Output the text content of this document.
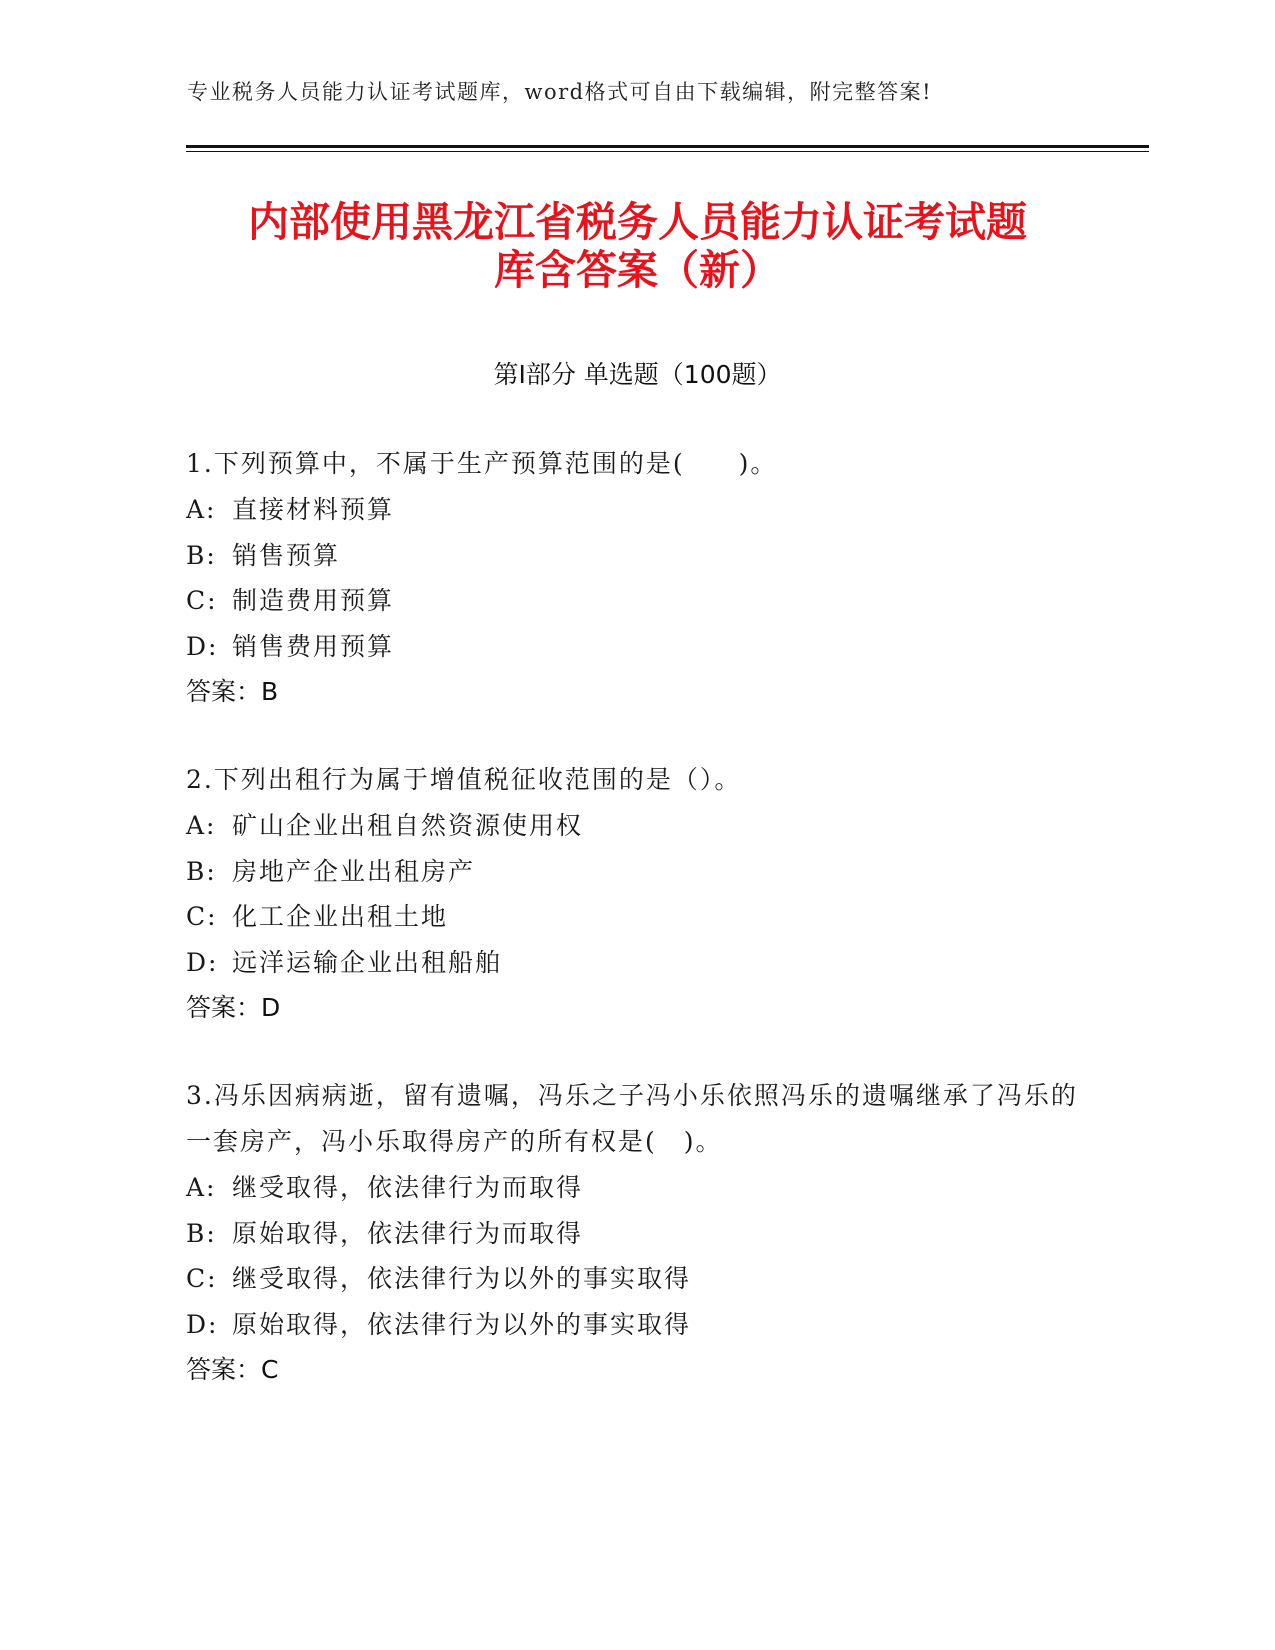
专业税务人员能力认证考试题库，word格式可自由下载编辑，附完整答案!
内部使用黑龙江省税务人员能力认证考试题
库含答案（新）
第Ⅰ部分 单选题（100题）
1.下列预算中，不属于生产预算范围的是(　　)。
A: 直接材料预算
B: 销售预算
C: 制造费用预算
D: 销售费用预算
答案：B
2.下列出租行为属于增值税征收范围的是（）。
A: 矿山企业出租自然资源使用权
B: 房地产企业出租房产
C: 化工企业出租土地
D: 远洋运输企业出租船舶
答案：D
3.冯乐因病病逝，留有遗嘱，冯乐之子冯小乐依照冯乐的遗嘱继承了冯乐的一套房产，冯小乐取得房产的所有权是(　)。
A: 继受取得，依法律行为而取得
B: 原始取得，依法律行为而取得
C: 继受取得，依法律行为以外的事实取得
D: 原始取得，依法律行为以外的事实取得
答案：C
